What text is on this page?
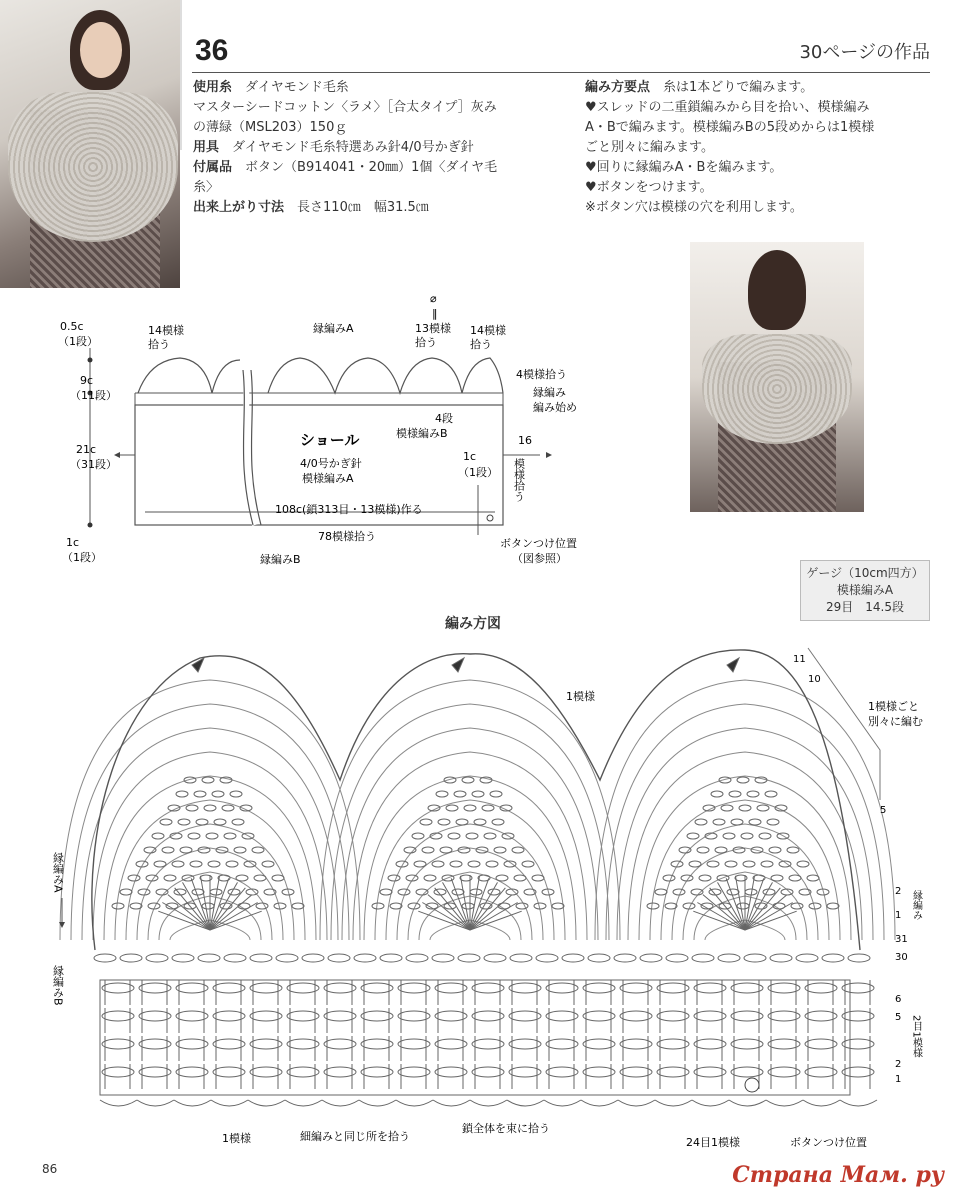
36	30ページの作品
使用糸　 ダイヤモンド毛糸
マスターシードコットン〈ラメ〉［合太タイプ］灰み
の薄緑（MSL203）150ｇ
用具　 ダイヤモンド毛糸特選あみ針4/0号かぎ針
付属品　 ボタン（B914041・20㎜）1個〈ダイヤ毛
糸〉
出来上がり寸法　 長さ110㎝　幅31.5㎝
編み方要点　 糸は1本どりで編みます。
♥スレッドの二重鎖編みから目を拾い、模様編み
A・Bで編みます。模様編みBの5段めからは1模様
ごと別々に編みます。
♥回りに縁編みA・Bを編みます。
♥ボタンをつけます。
※ボタン穴は模様の穴を利用します。
0.5c
（1段）
9c
（11段）
21c
（31段）
1c
（1段）
14模様
拾う
縁編みA
⌀
‖
13模様
拾う
14模様
拾う
4模様拾う
縁編み
編み始め
4段
模様編みB
16
模様拾う
1c
（1段）
ショール
4/0号かぎ針
模様編みA
108c(鎖313目・13模様)作る
78模様拾う
縁編みB
ボタンつけ位置
（図参照）
ゲージ（10cm四方）
模様編みA
29目　14.5段
編み方図
縁編みA
縁編みB
1模様
1模様ごと
別々に編む
11
10
5
2
1
31
30
6
5
2
1
縁編み
2目1模様
1模様	細編みと同じ所を拾う
鎖全体を束に拾う
24目1模様	ボタンつけ位置
86	Страна Мам. ру
